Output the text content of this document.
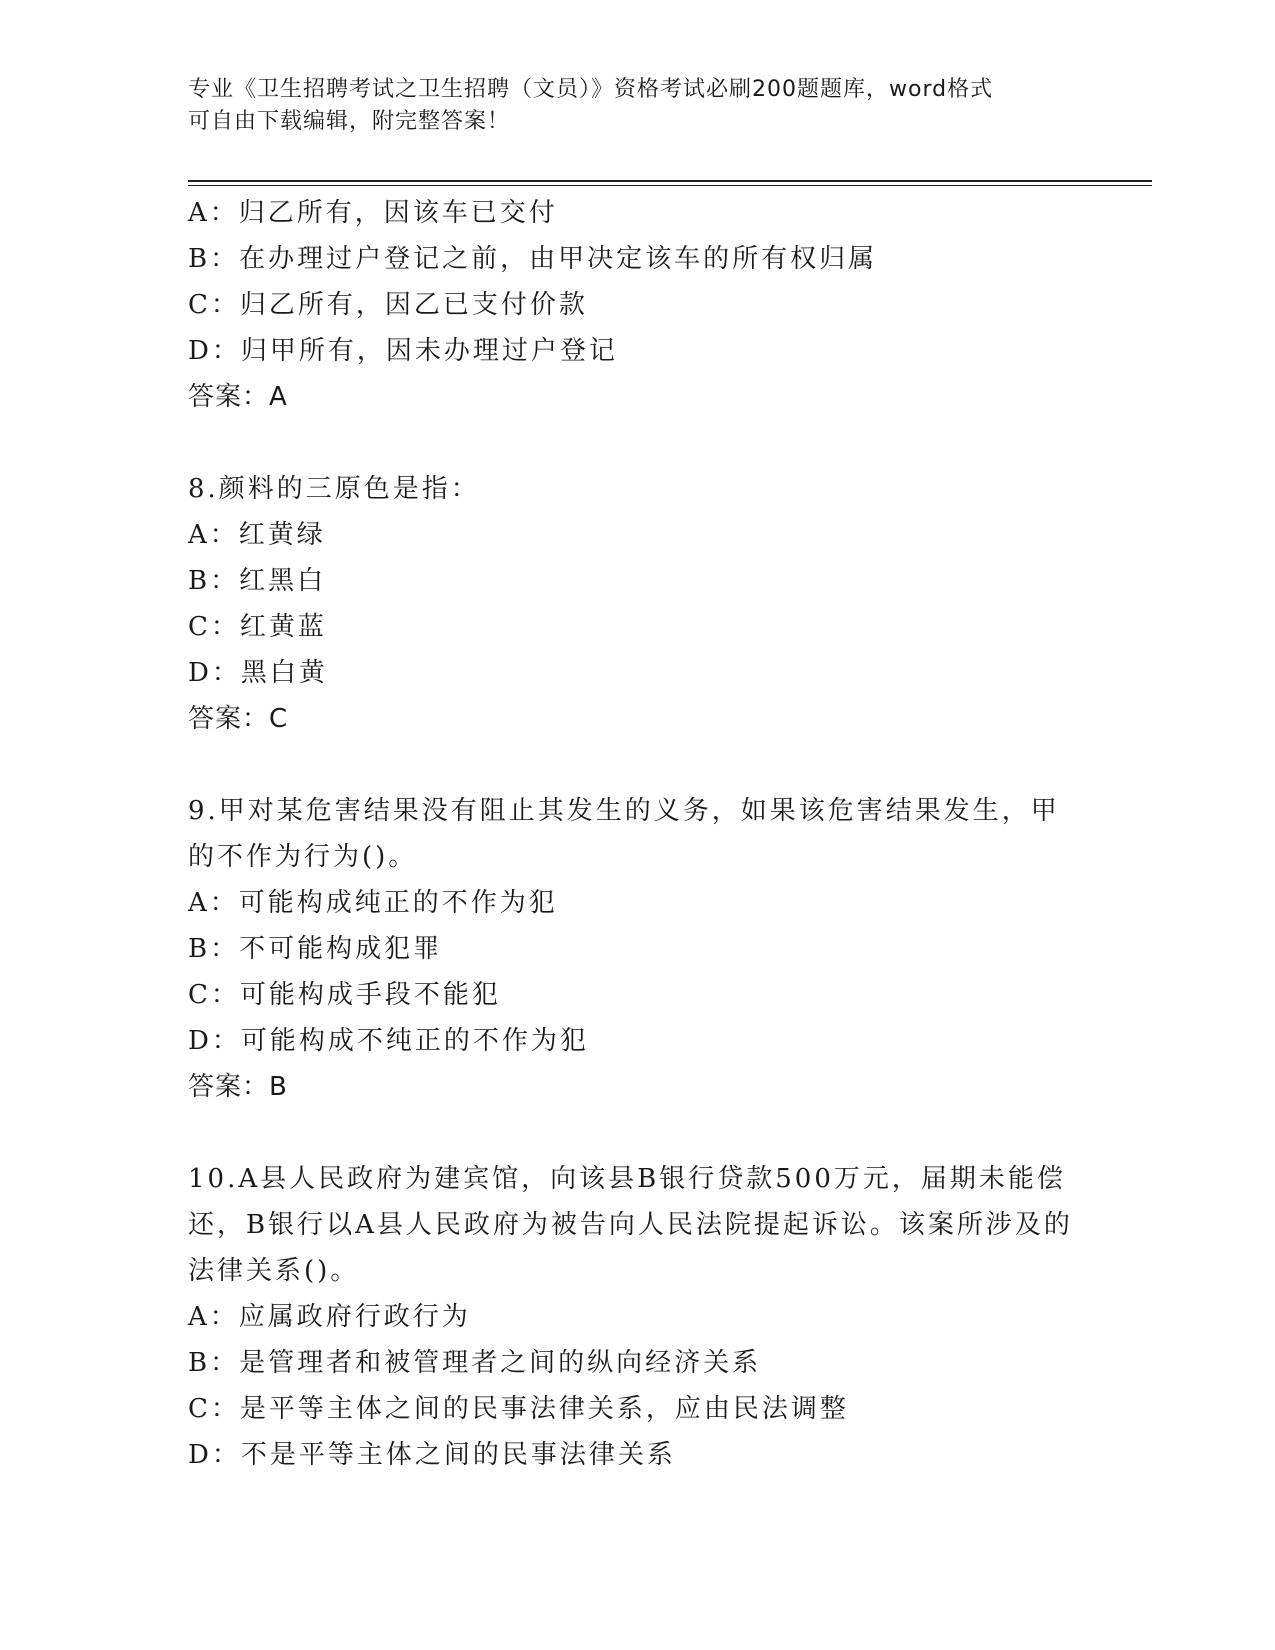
专业《卫生招聘考试之卫生招聘（文员）》资格考试必刷200题题库，word格式
可自由下载编辑，附完整答案！
A：归乙所有，因该车已交付
B：在办理过户登记之前，由甲决定该车的所有权归属
C：归乙所有，因乙已支付价款
D：归甲所有，因未办理过户登记
答案：A
8.颜料的三原色是指：
A：红黄绿
B：红黑白
C：红黄蓝
D：黑白黄
答案：C
9.甲对某危害结果没有阻止其发生的义务，如果该危害结果发生，甲
的不作为行为()。
A：可能构成纯正的不作为犯
B：不可能构成犯罪
C：可能构成手段不能犯
D：可能构成不纯正的不作为犯
答案：B
10.A县人民政府为建宾馆，向该县B银行贷款500万元，届期未能偿
还，B银行以A县人民政府为被告向人民法院提起诉讼。该案所涉及的
法律关系()。
A：应属政府行政行为
B：是管理者和被管理者之间的纵向经济关系
C：是平等主体之间的民事法律关系，应由民法调整
D：不是平等主体之间的民事法律关系
